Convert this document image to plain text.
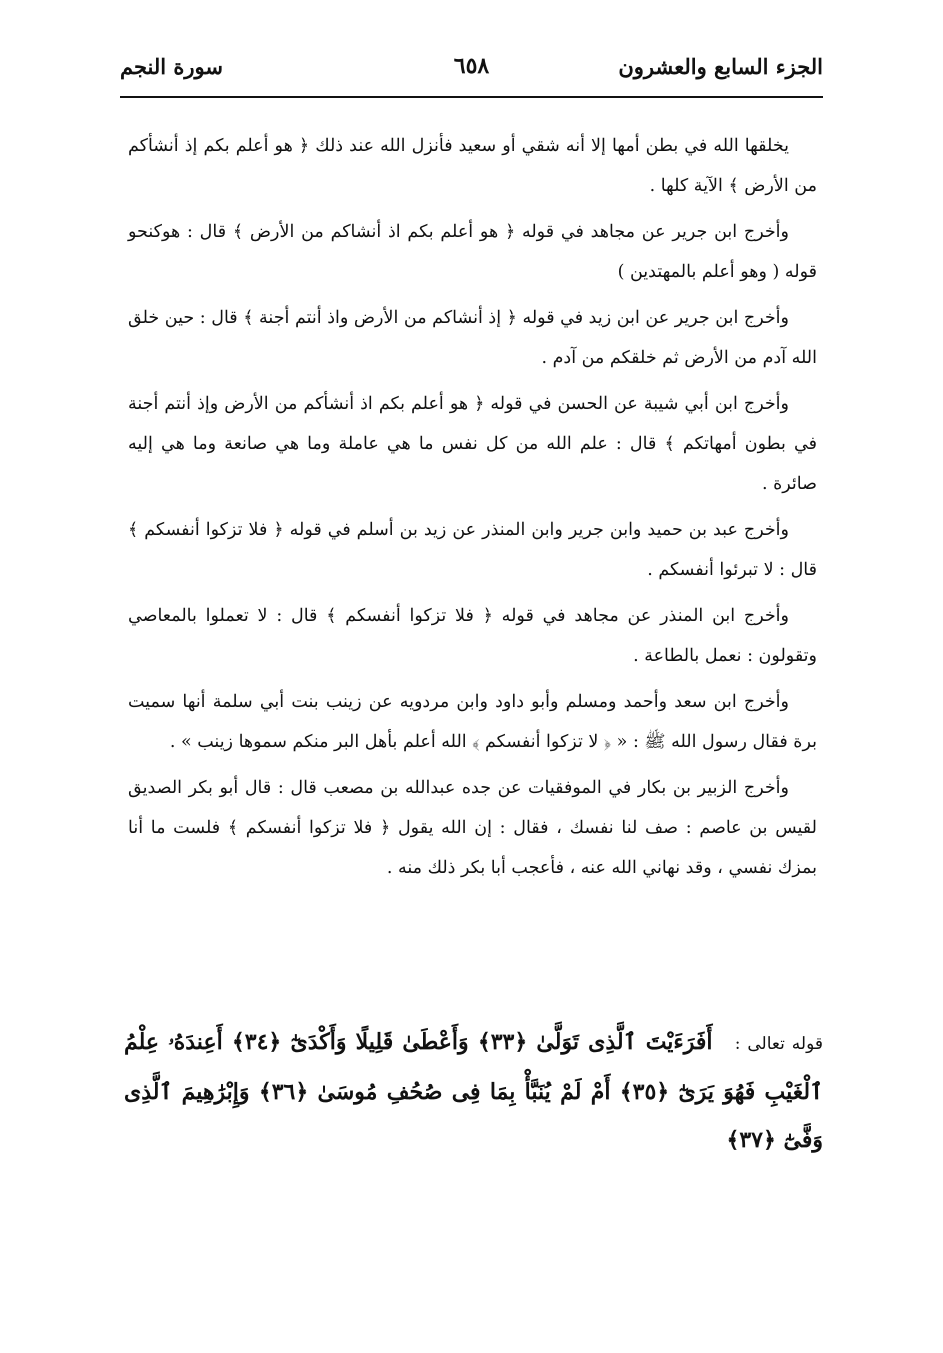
الجزء السابع والعشرون
٦٥٨
سورة النجم

يخلقها الله في بطن أمها إلا أنه شقي أو سعيد فأنزل الله عند ذلك ﴿ هو أعلم بكم إذ أنشأكم من الأرض ﴾ الآية كلها .

وأخرج ابن جرير عن مجاهد في قوله ﴿ هو أعلم بكم اذ أنشاكم من الأرض ﴾ قال : هوكنحو قوله ( وهو أعلم بالمهتدين )

وأخرج ابن جرير عن ابن زيد في قوله ﴿ إذ أنشاكم من الأرض واذ أنتم أجنة ﴾ قال : حين خلق الله آدم من الأرض ثم خلقكم من آدم .

وأخرج ابن أبي شيبة عن الحسن في قوله ﴿ هو أعلم بكم اذ أنشأكم من الأرض وإذ أنتم أجنة في بطون أمهاتكم ﴾ قال : علم الله من كل نفس ما هي عاملة وما هي صانعة وما هي إليه صائرة .

وأخرج عبد بن حميد وابن جرير وابن المنذر عن زيد بن أسلم في قوله ﴿ فلا تزكوا أنفسكم ﴾ قال : لا تبرئوا أنفسكم .

وأخرج ابن المنذر عن مجاهد في قوله ﴿ فلا تزكوا أنفسكم ﴾ قال : لا تعملوا بالمعاصي وتقولون : نعمل بالطاعة .

وأخرج ابن سعد وأحمد ومسلم وأبو داود وابن مردويه عن زينب بنت أبي سلمة أنها سميت برة فقال رسول الله ﷺ : « ﴿ لا تزكوا أنفسكم ﴾ الله أعلم بأهل البر منكم سموها زينب » .

وأخرج الزبير بن بكار في الموفقيات عن جده عبدالله بن مصعب قال : قال أبو بكر الصديق لقيس بن عاصم : صف لنا نفسك ، فقال : إن الله يقول ﴿ فلا تزكوا أنفسكم ﴾ فلست ما أنا بمزك نفسي ، وقد نهاني الله عنه ، فأعجب أبا بكر ذلك منه .

قوله تعالى : أَفَرَءَيْتَ ٱلَّذِى تَوَلَّىٰ ﴿٣٣﴾ وَأَعْطَىٰ قَلِيلًا وَأَكْدَىٰٓ ﴿٣٤﴾ أَعِندَهُۥ عِلْمُ ٱلْغَيْبِ فَهُوَ يَرَىٰٓ ﴿٣٥﴾ أَمْ لَمْ يُنَبَّأْ بِمَا فِى صُحُفِ مُوسَىٰ ﴿٣٦﴾ وَإِبْرَٰهِيمَ ٱلَّذِى وَفَّىٰٓ ﴿٣٧﴾
